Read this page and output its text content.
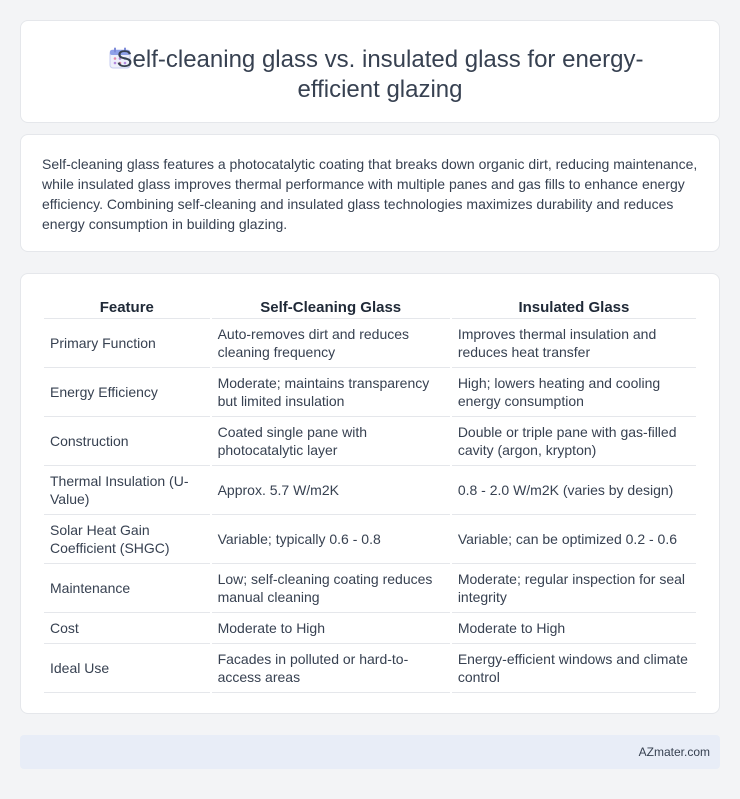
Self-cleaning glass vs. insulated glass for energy-efficient glazing

Self-cleaning glass features a photocatalytic coating that breaks down organic dirt, reducing maintenance, while insulated glass improves thermal performance with multiple panes and gas fills to enhance energy efficiency. Combining self-cleaning and insulated glass technologies maximizes durability and reduces energy consumption in building glazing.

Feature	Self-Cleaning Glass	Insulated Glass
Primary Function	Auto-removes dirt and reduces cleaning frequency	Improves thermal insulation and reduces heat transfer
Energy Efficiency	Moderate; maintains transparency but limited insulation	High; lowers heating and cooling energy consumption
Construction	Coated single pane with photocatalytic layer	Double or triple pane with gas-filled cavity (argon, krypton)
Thermal Insulation (U-Value)	Approx. 5.7 W/m2K	0.8 - 2.0 W/m2K (varies by design)
Solar Heat Gain Coefficient (SHGC)	Variable; typically 0.6 - 0.8	Variable; can be optimized 0.2 - 0.6
Maintenance	Low; self-cleaning coating reduces manual cleaning	Moderate; regular inspection for seal integrity
Cost	Moderate to High	Moderate to High
Ideal Use	Facades in polluted or hard-to-access areas	Energy-efficient windows and climate control
AZmater.com
